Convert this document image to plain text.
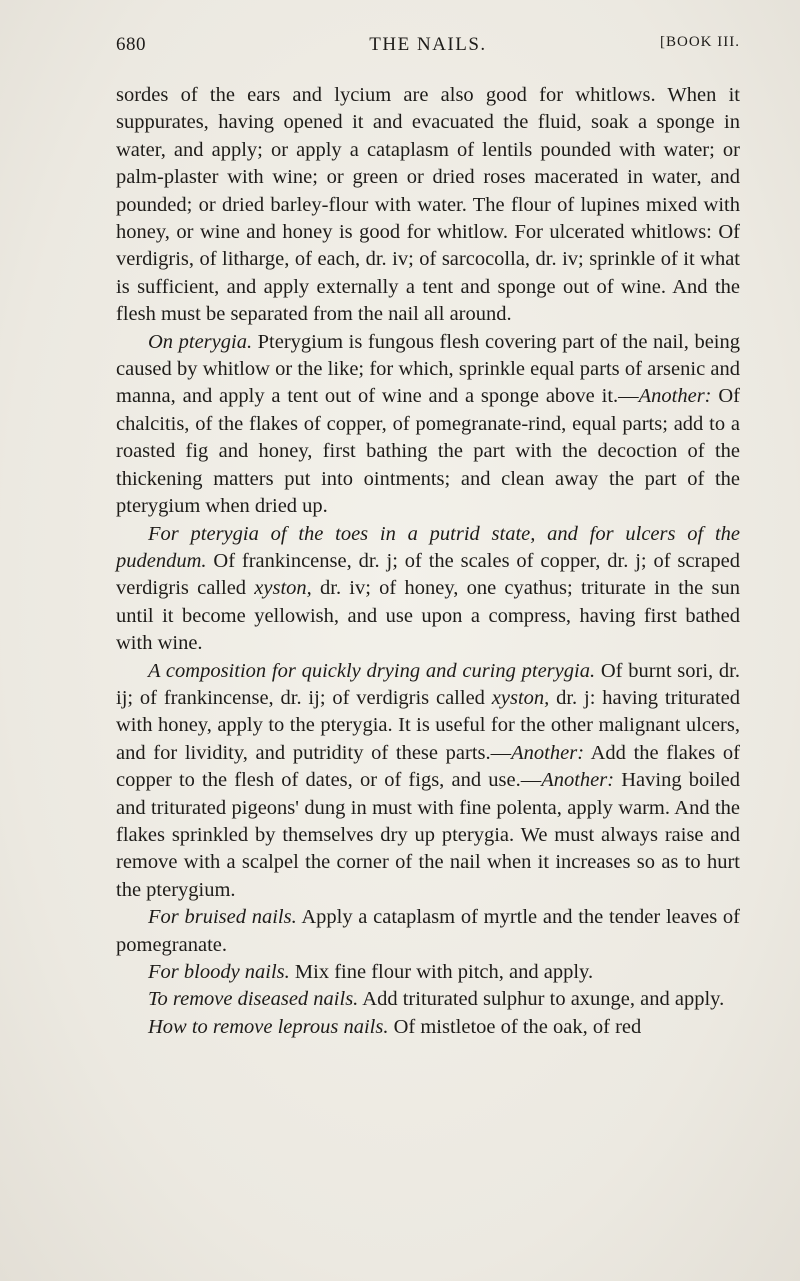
680	THE NAILS.	[BOOK III.

sordes of the ears and lycium are also good for whitlows. When it suppurates, having opened it and evacuated the fluid, soak a sponge in water, and apply; or apply a cataplasm of lentils pounded with water; or palm-plaster with wine; or green or dried roses macerated in water, and pounded; or dried barley-flour with water. The flour of lupines mixed with honey, or wine and honey is good for whitlow. For ulcerated whitlows: Of verdigris, of litharge, of each, dr. iv; of sarcocolla, dr. iv; sprinkle of it what is sufficient, and apply externally a tent and sponge out of wine. And the flesh must be separated from the nail all around.

On pterygia. Pterygium is fungous flesh covering part of the nail, being caused by whitlow or the like; for which, sprinkle equal parts of arsenic and manna, and apply a tent out of wine and a sponge above it.—Another: Of chalcitis, of the flakes of copper, of pomegranate-rind, equal parts; add to a roasted fig and honey, first bathing the part with the decoction of the thickening matters put into ointments; and clean away the part of the pterygium when dried up.

For pterygia of the toes in a putrid state, and for ulcers of the pudendum. Of frankincense, dr. j; of the scales of copper, dr. j; of scraped verdigris called xyston, dr. iv; of honey, one cyathus; triturate in the sun until it become yellowish, and use upon a compress, having first bathed with wine.

A composition for quickly drying and curing pterygia. Of burnt sori, dr. ij; of frankincense, dr. ij; of verdigris called xyston, dr. j: having triturated with honey, apply to the pterygia. It is useful for the other malignant ulcers, and for lividity, and putridity of these parts.—Another: Add the flakes of copper to the flesh of dates, or of figs, and use.—Another: Having boiled and triturated pigeons' dung in must with fine polenta, apply warm. And the flakes sprinkled by themselves dry up pterygia. We must always raise and remove with a scalpel the corner of the nail when it increases so as to hurt the pterygium.

For bruised nails. Apply a cataplasm of myrtle and the tender leaves of pomegranate.

For bloody nails. Mix fine flour with pitch, and apply.

To remove diseased nails. Add triturated sulphur to axunge, and apply.

How to remove leprous nails. Of mistletoe of the oak, of red
